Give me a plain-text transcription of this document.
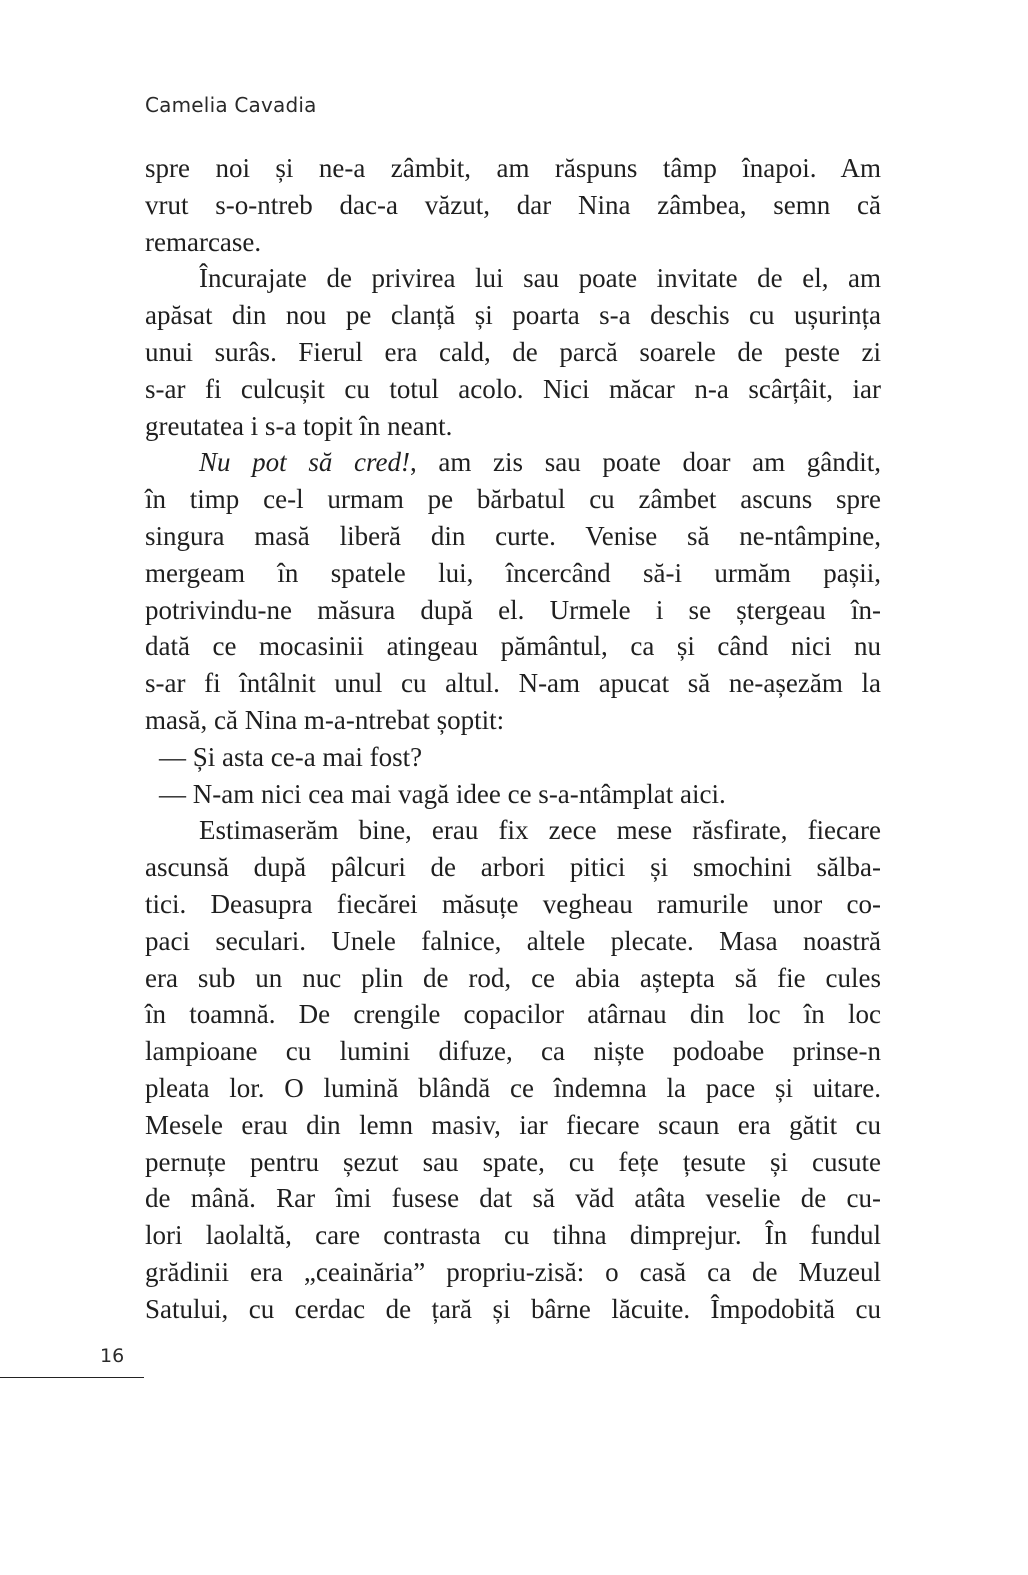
Camelia Cavadia
spre noi și ne-a zâmbit, am răspuns tâmp înapoi. Am
vrut s-o-ntreb dac-a văzut, dar Nina zâmbea, semn că
remarcase.
Încurajate de privirea lui sau poate invitate de el, am
apăsat din nou pe clanță și poarta s-a deschis cu ușurința
unui surâs. Fierul era cald, de parcă soarele de peste zi
s-ar fi culcușit cu totul acolo. Nici măcar n-a scârțâit, iar
greutatea i s-a topit în neant.
Nu pot să cred!, am zis sau poate doar am gândit,
în timp ce-l urmam pe bărbatul cu zâmbet ascuns spre
singura masă liberă din curte. Venise să ne-ntâmpine,
mergeam în spatele lui, încercând să-i urmăm pașii,
potrivindu-ne măsura după el. Urmele i se ștergeau în-
dată ce mocasinii atingeau pământul, ca și când nici nu
s-ar fi întâlnit unul cu altul. N-am apucat să ne-așezăm la
masă, că Nina m-a-ntrebat șoptit:
— Și asta ce-a mai fost?
— N-am nici cea mai vagă idee ce s-a-ntâmplat aici.
Estimaserăm bine, erau fix zece mese răsfirate, fiecare
ascunsă după pâlcuri de arbori pitici și smochini sălba-
tici. Deasupra fiecărei măsuțe vegheau ramurile unor co-
paci seculari. Unele falnice, altele plecate. Masa noastră
era sub un nuc plin de rod, ce abia aștepta să fie cules
în toamnă. De crengile copacilor atârnau din loc în loc
lampioane cu lumini difuze, ca niște podoabe prinse-n
pleata lor. O lumină blândă ce îndemna la pace și uitare.
Mesele erau din lemn masiv, iar fiecare scaun era gătit cu
pernuțe pentru șezut sau spate, cu fețe țesute și cusute
de mână. Rar îmi fusese dat să văd atâta veselie de cu-
lori laolaltă, care contrasta cu tihna dimprejur. În fundul
grădinii era „ceainăria” propriu-zisă: o casă ca de Muzeul
Satului, cu cerdac de țară și bârne lăcuite. Împodobită cu
16
